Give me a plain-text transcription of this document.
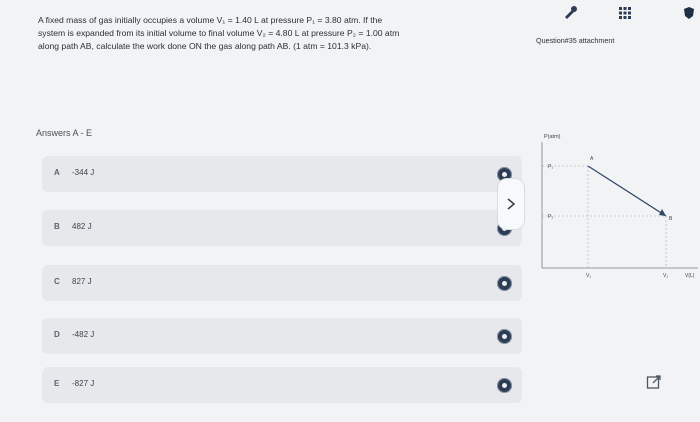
A fixed mass of gas initially occupies a volume V₁ = 1.40 L at pressure P₁ = 3.80 atm. If the
system is expanded from its initial volume to final volume V₂ = 4.80 L at pressure P₂ = 1.00 atm
along path AB, calculate the work done ON the gas along path AB. (1 atm = 101.3 kPa).
Answers A - E
A -344 J
B 482 J
C 827 J
D -482 J
E -827 J
Question#35 attachment
P(atm)
P₁
P₂
A
B
V₁	V₂	V(L)
